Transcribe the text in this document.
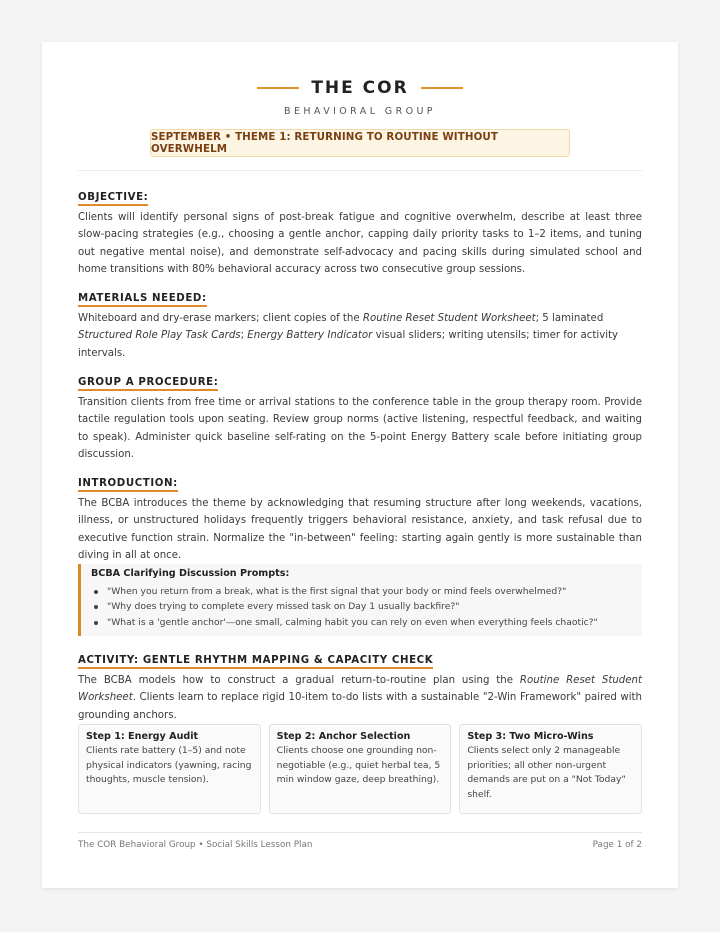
THE COR
BEHAVIORAL GROUP
SEPTEMBER • THEME 1: RETURNING TO ROUTINE WITHOUT OVERWHELM
OBJECTIVE:

Clients will identify personal signs of post-break fatigue and cognitive overwhelm, describe at least three slow-pacing strategies (e.g., choosing a gentle anchor, capping daily priority tasks to 1–2 items, and tuning out negative mental noise), and demonstrate self-advocacy and pacing skills during simulated school and home transitions with 80% behavioral accuracy across two consecutive group sessions.

MATERIALS NEEDED:

Whiteboard and dry-erase markers; client copies of the Routine Reset Student Worksheet; 5 laminated Structured Role Play Task Cards; Energy Battery Indicator visual sliders; writing utensils; timer for activity intervals.

GROUP A PROCEDURE:

Transition clients from free time or arrival stations to the conference table in the group therapy room. Provide tactile regulation tools upon seating. Review group norms (active listening, respectful feedback, and waiting to speak). Administer quick baseline self-rating on the 5-point Energy Battery scale before initiating group discussion.

INTRODUCTION:

The BCBA introduces the theme by acknowledging that resuming structure after long weekends, vacations, illness, or unstructured holidays frequently triggers behavioral resistance, anxiety, and task refusal due to executive function strain. Normalize the "in-between" feeling: starting again gently is more sustainable than diving in all at once.

BCBA Clarifying Discussion Prompts:
"When you return from a break, what is the first signal that your body or mind feels overwhelmed?"
"Why does trying to complete every missed task on Day 1 usually backfire?"
"What is a 'gentle anchor'—one small, calming habit you can rely on even when everything feels chaotic?"
ACTIVITY: GENTLE RHYTHM MAPPING & CAPACITY CHECK

The BCBA models how to construct a gradual return-to-routine plan using the Routine Reset Student Worksheet. Clients learn to replace rigid 10-item to-do lists with a sustainable "2-Win Framework" paired with grounding anchors.

Step 1: Energy Audit
Clients rate battery (1–5) and note physical indicators (yawning, racing thoughts, muscle tension).
Step 2: Anchor Selection
Clients choose one grounding non-negotiable (e.g., quiet herbal tea, 5 min window gaze, deep breathing).
Step 3: Two Micro-Wins
Clients select only 2 manageable priorities; all other non-urgent demands are put on a "Not Today" shelf.
The COR Behavioral Group • Social Skills Lesson Plan	Page 1 of 2
